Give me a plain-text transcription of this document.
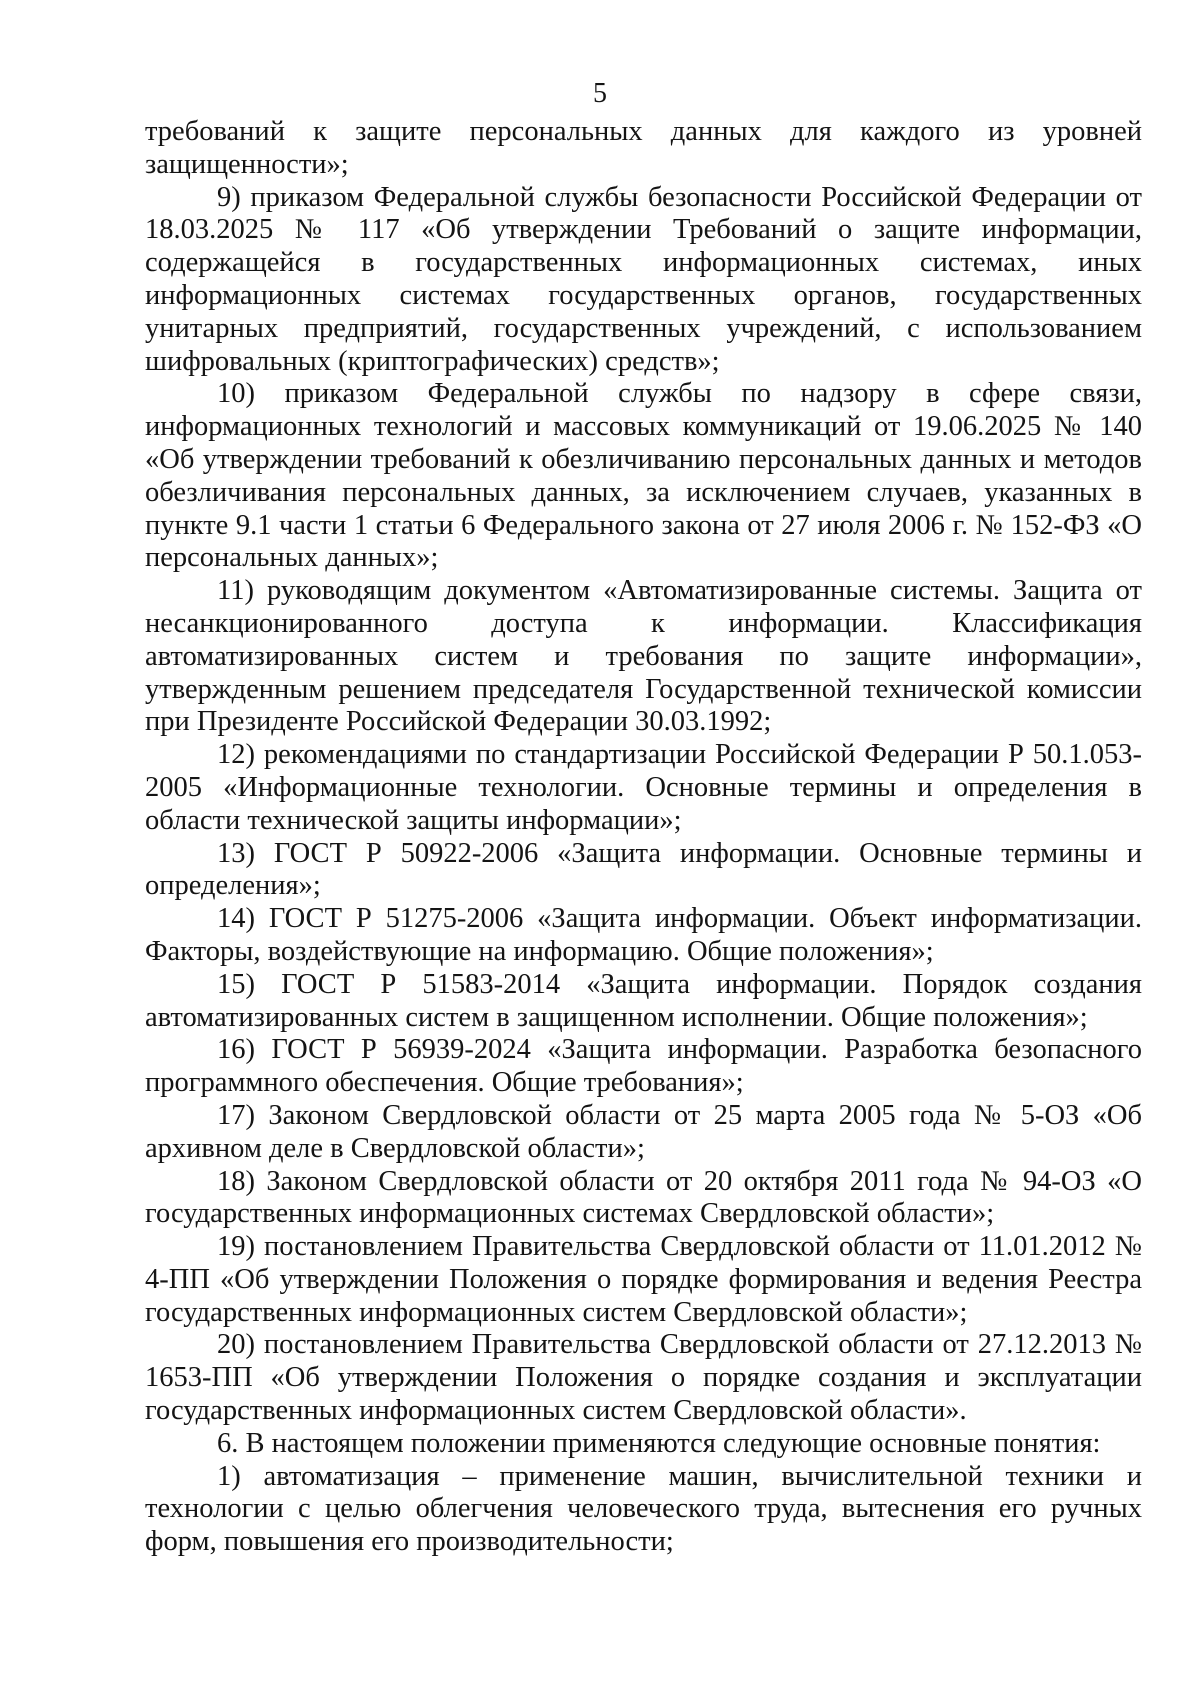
5

требований к защите персональных данных для каждого из уровней защищенности»;

9) приказом Федеральной службы безопасности Российской Федерации от 18.03.2025 № 117 «Об утверждении Требований о защите информации, содержащейся в государственных информационных системах, иных информационных системах государственных органов, государственных унитарных предприятий, государственных учреждений, с использованием шифровальных (криптографических) средств»;

10) приказом Федеральной службы по надзору в сфере связи, информационных технологий и массовых коммуникаций от 19.06.2025 № 140 «Об утверждении требований к обезличиванию персональных данных и методов обезличивания персональных данных, за исключением случаев, указанных в пункте 9.1 части 1 статьи 6 Федерального закона от 27 июля 2006 г. № 152-ФЗ «О персональных данных»;

11) руководящим документом «Автоматизированные системы. Защита от несанкционированного доступа к информации. Классификация автоматизированных систем и требования по защите информации», утвержденным решением председателя Государственной технической комиссии при Президенте Российской Федерации 30.03.1992;

12) рекомендациями по стандартизации Российской Федерации Р 50.1.053-2005 «Информационные технологии. Основные термины и определения в области технической защиты информации»;

13) ГОСТ Р 50922-2006 «Защита информации. Основные термины и определения»;

14) ГОСТ Р 51275-2006 «Защита информации. Объект информатизации. Факторы, воздействующие на информацию. Общие положения»;

15) ГОСТ Р 51583-2014 «Защита информации. Порядок создания автоматизированных систем в защищенном исполнении. Общие положения»;

16) ГОСТ Р 56939-2024 «Защита информации. Разработка безопасного программного обеспечения. Общие требования»;

17) Законом Свердловской области от 25 марта 2005 года № 5-ОЗ «Об архивном деле в Свердловской области»;

18) Законом Свердловской области от 20 октября 2011 года № 94-ОЗ «О государственных информационных системах Свердловской области»;

19) постановлением Правительства Свердловской области от 11.01.2012 № 4-ПП «Об утверждении Положения о порядке формирования и ведения Реестра государственных информационных систем Свердловской области»;

20) постановлением Правительства Свердловской области от 27.12.2013 № 1653-ПП «Об утверждении Положения о порядке создания и эксплуатации государственных информационных систем Свердловской области».

6. В настоящем положении применяются следующие основные понятия:

1) автоматизация – применение машин, вычислительной техники и технологии с целью облегчения человеческого труда, вытеснения его ручных форм, повышения его производительности;
